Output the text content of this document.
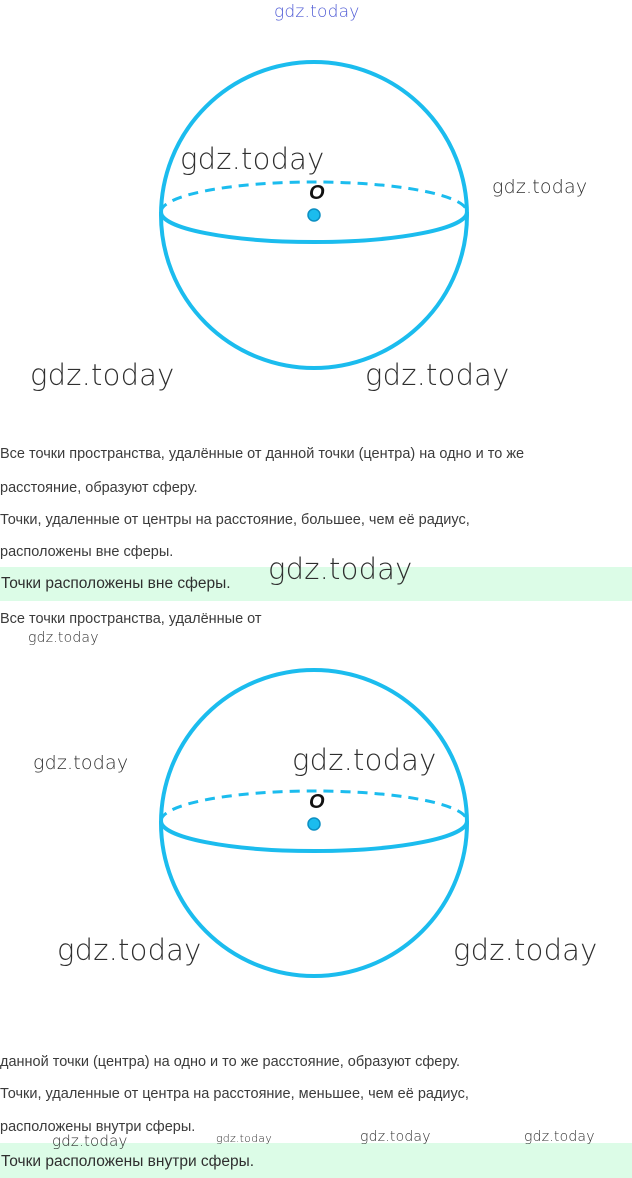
gdz.today
O
gdz.today
gdz.today
gdz.today	gdz.today
Все точки пространства, удалённые от данной точки (центра) на одно и то же
расстояние, образуют сферу.
Точки, удаленные от центры на расстояние, большее, чем её радиус,
расположены вне сферы.
Точки расположены вне сферы.	gdz.today
Все точки пространства, удалённые от
gdz.today
O
gdz.today	gdz.today
gdz.today	gdz.today
данной точки (центра) на одно и то же расстояние, образуют сферу.
Точки, удаленные от центра на расстояние, меньшее, чем её радиус,
расположены внутри сферы.
Точки расположены внутри сферы.
gdz.today	gdz.today	gdz.today	gdz.today
